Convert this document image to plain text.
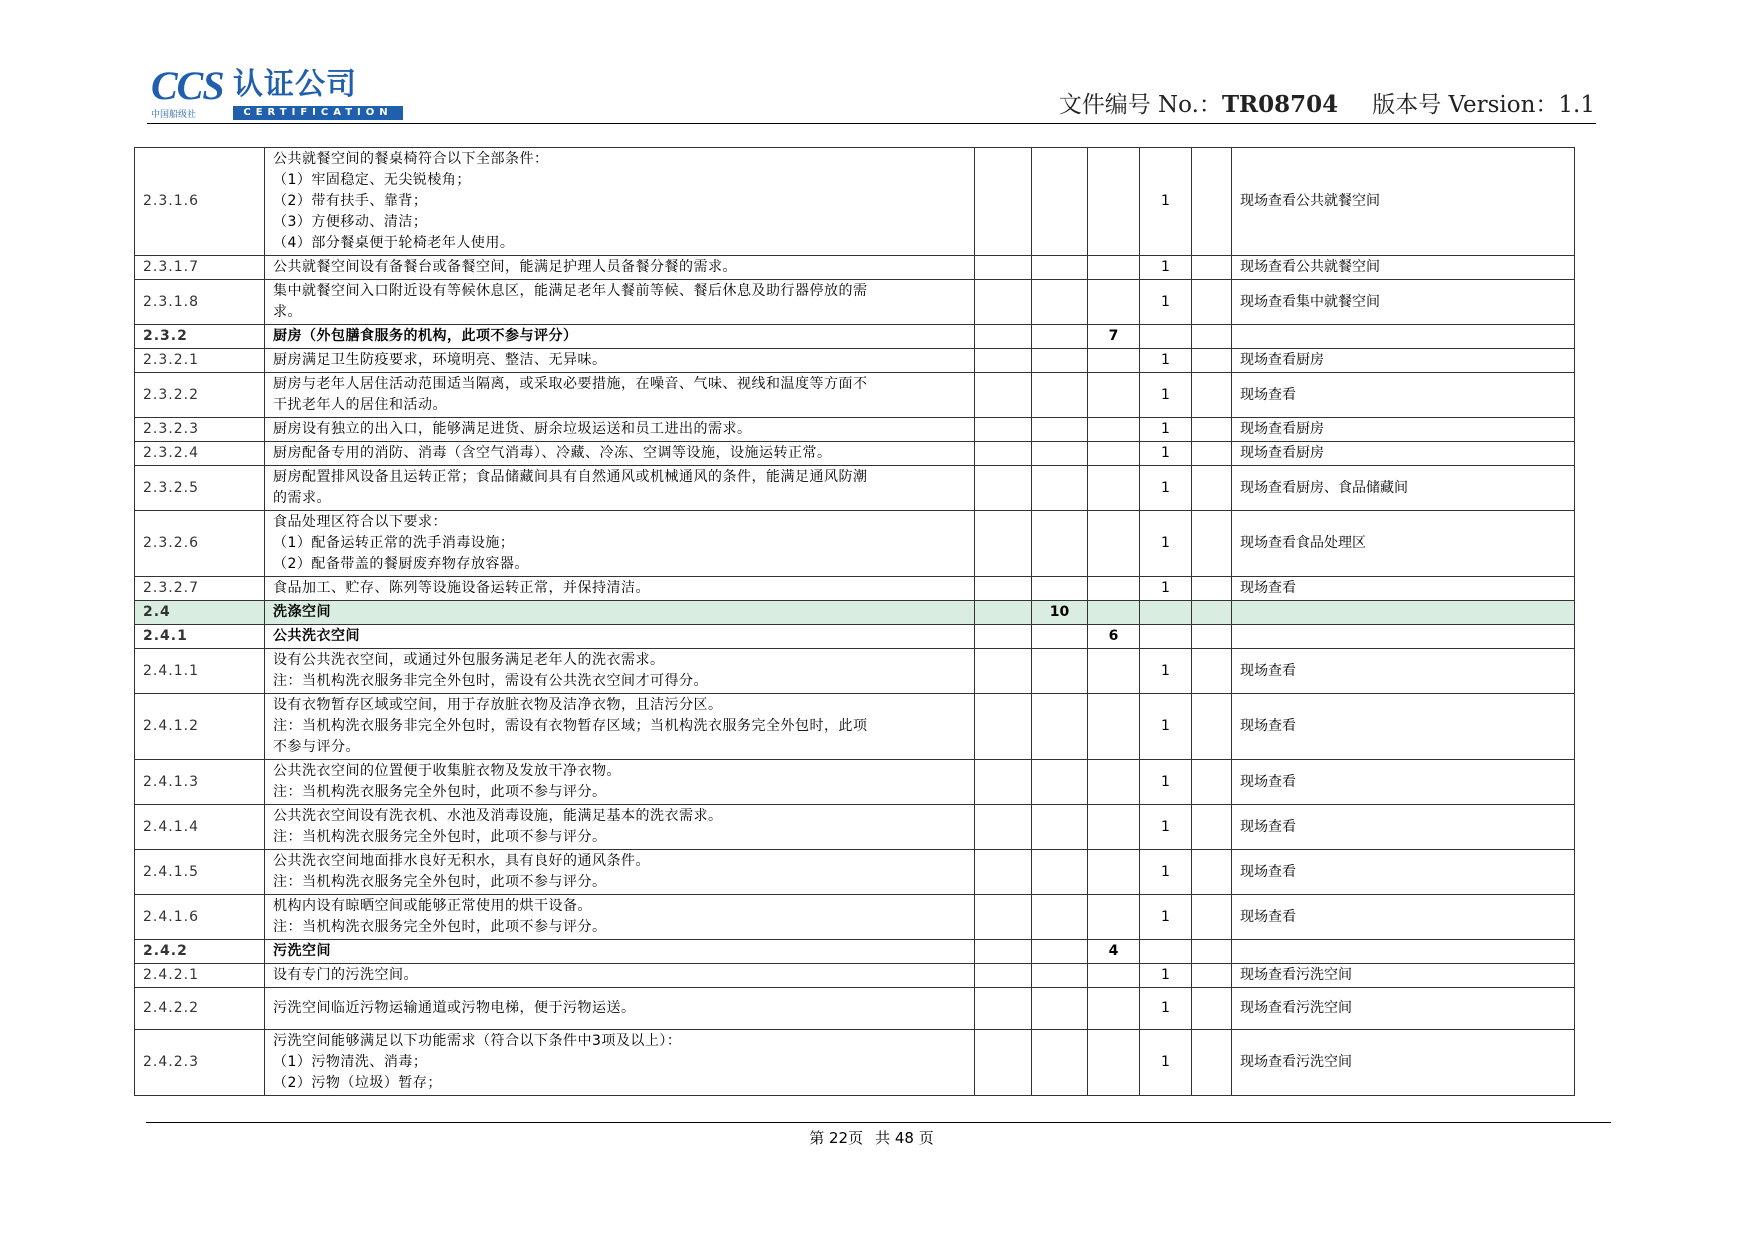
CCS 认证公司
中国船级社	CERTIFICATION	文件编号 No.：TR08704 版本号 Version：1.1
2.3.1.6	公共就餐空间的餐桌椅符合以下全部条件：
（1）牢固稳定、无尖锐棱角；
（2）带有扶手、靠背；
（3）方便移动、清洁；
（4）部分餐桌便于轮椅老年人使用。				1		现场查看公共就餐空间
2.3.1.7	公共就餐空间设有备餐台或备餐空间，能满足护理人员备餐分餐的需求。				1		现场查看公共就餐空间
2.3.1.8	集中就餐空间入口附近设有等候休息区，能满足老年人餐前等候、餐后休息及助行器停放的需
求。				1		现场查看集中就餐空间
2.3.2	厨房（外包膳食服务的机构，此项不参与评分）			7			
2.3.2.1	厨房满足卫生防疫要求，环境明亮、整洁、无异味。				1		现场查看厨房
2.3.2.2	厨房与老年人居住活动范围适当隔离，或采取必要措施，在噪音、气味、视线和温度等方面不
干扰老年人的居住和活动。				1		现场查看
2.3.2.3	厨房设有独立的出入口，能够满足进货、厨余垃圾运送和员工进出的需求。				1		现场查看厨房
2.3.2.4	厨房配备专用的消防、消毒（含空气消毒）、冷藏、冷冻、空调等设施，设施运转正常。				1		现场查看厨房
2.3.2.5	厨房配置排风设备且运转正常；食品储藏间具有自然通风或机械通风的条件，能满足通风防潮
的需求。				1		现场查看厨房、食品储藏间
2.3.2.6	食品处理区符合以下要求：
（1）配备运转正常的洗手消毒设施；
（2）配备带盖的餐厨废弃物存放容器。				1		现场查看食品处理区
2.3.2.7	食品加工、贮存、陈列等设施设备运转正常，并保持清洁。				1		现场查看
2.4	洗涤空间		10				
2.4.1	公共洗衣空间			6			
2.4.1.1	设有公共洗衣空间，或通过外包服务满足老年人的洗衣需求。
注：当机构洗衣服务非完全外包时，需设有公共洗衣空间才可得分。				1		现场查看
2.4.1.2	设有衣物暂存区域或空间，用于存放脏衣物及洁净衣物，且洁污分区。
注：当机构洗衣服务非完全外包时，需设有衣物暂存区域；当机构洗衣服务完全外包时，此项
不参与评分。				1		现场查看
2.4.1.3	公共洗衣空间的位置便于收集脏衣物及发放干净衣物。
注：当机构洗衣服务完全外包时，此项不参与评分。				1		现场查看
2.4.1.4	公共洗衣空间设有洗衣机、水池及消毒设施，能满足基本的洗衣需求。
注：当机构洗衣服务完全外包时，此项不参与评分。				1		现场查看
2.4.1.5	公共洗衣空间地面排水良好无积水，具有良好的通风条件。
注：当机构洗衣服务完全外包时，此项不参与评分。				1		现场查看
2.4.1.6	机构内设有晾晒空间或能够正常使用的烘干设备。
注：当机构洗衣服务完全外包时，此项不参与评分。				1		现场查看
2.4.2	污洗空间			4			
2.4.2.1	设有专门的污洗空间。				1		现场查看污洗空间
2.4.2.2	污洗空间临近污物运输通道或污物电梯，便于污物运送。				1		现场查看污洗空间
2.4.2.3	污洗空间能够满足以下功能需求（符合以下条件中3项及以上）：
（1）污物清洗、消毒；
（2）污物（垃圾）暂存；				1		现场查看污洗空间
第 22页 共 48 页
